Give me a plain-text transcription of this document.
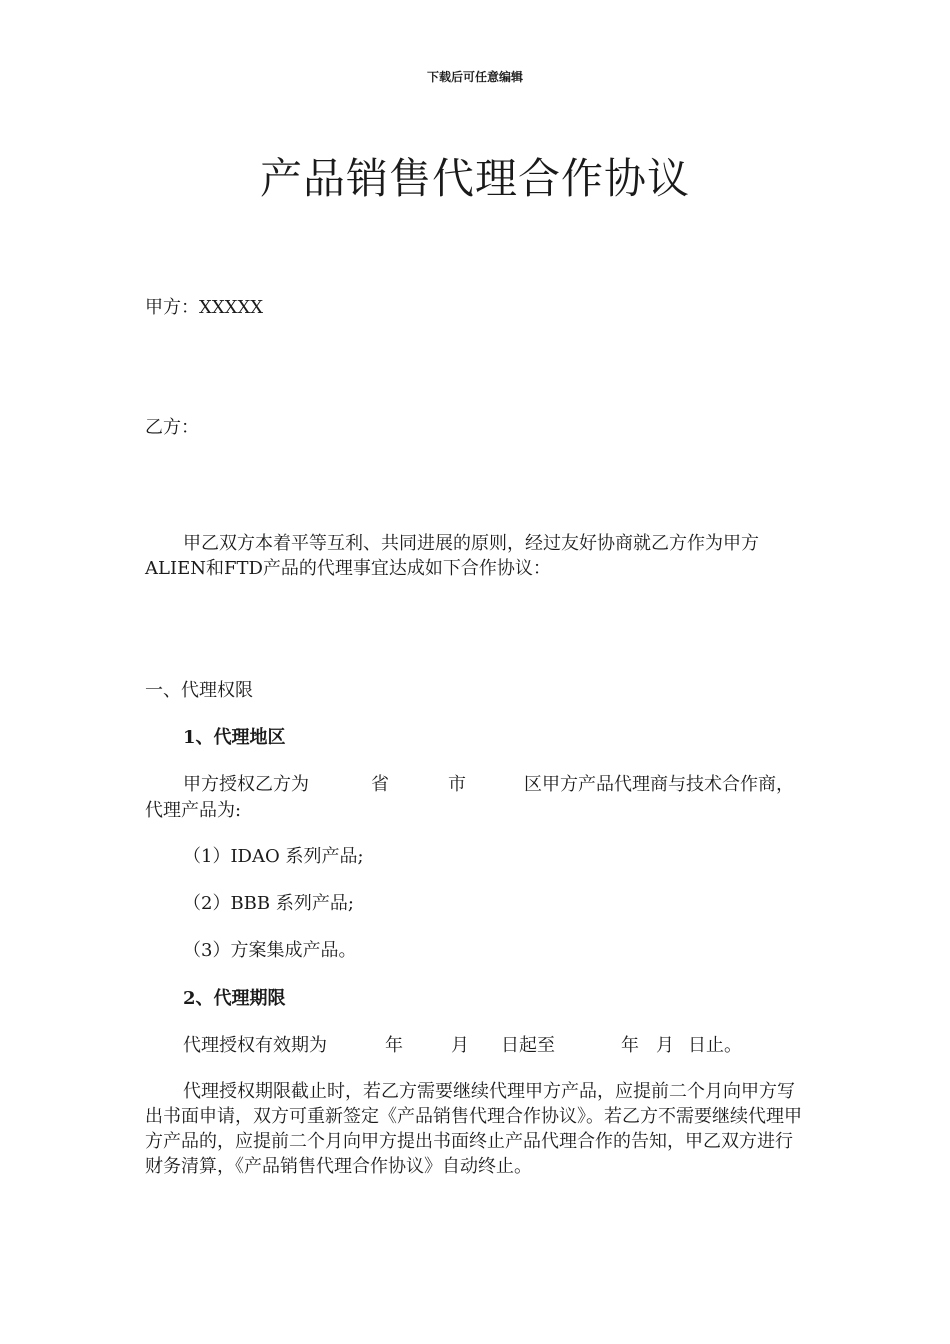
下载后可任意编辑
产品销售代理合作协议
甲方：XXXXX
乙方：
甲乙双方本着平等互利、共同进展的原则，经过友好协商就乙方作为甲方ALIEN和FTD产品的代理事宜达成如下合作协议：
一、代理权限
1、代理地区
甲方授权乙方为	省	市	区甲方产品代理商与技术合作商，
代理产品为:
（1）IDAO 系列产品;
（2）BBB 系列产品;
（3）方案集成产品。
2、代理期限
代理授权有效期为	年	月 日起至	年 月 日止。
代理授权期限截止时，若乙方需要继续代理甲方产品，应提前二个月向甲方写出书面申请，双方可重新签定《产品销售代理合作协议》。若乙方不需要继续代理甲方产品的，应提前二个月向甲方提出书面终止产品代理合作的告知，甲乙双方进行财务清算，《产品销售代理合作协议》自动终止。
